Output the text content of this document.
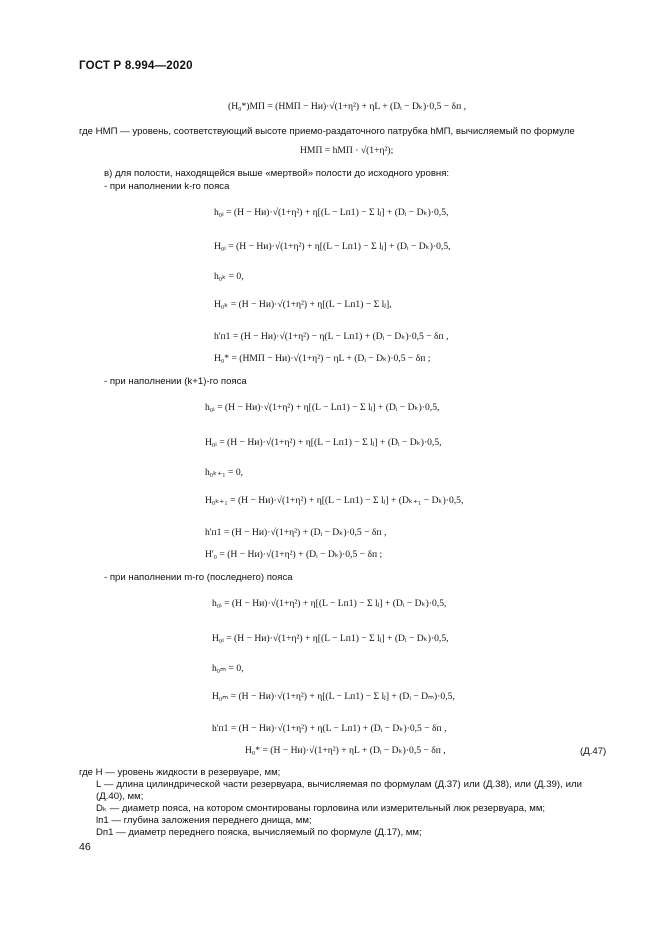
ГОСТ Р 8.994—2020
(H₀*)МП = (HМП − Hи)·√(1+η²) + ηL + (Dᵢ − Dₖ)·0,5 − δп ,
где HМП — уровень, соответствующий высоте приемо-раздаточного патрубка hМП, вычисляемый по формуле
HМП = hМП · √(1+η²);
в) для полости, находящейся выше «мертвой» полости до исходного уровня:
- при наполнении k-го пояса
h₀ᵢ = (H − Hи)·√(1+η²) + η[(L − Lп1) − Σ lⱼ] + (Dᵢ − Dₖ)·0,5,
H₀ᵢ = (H − Hи)·√(1+η²) + η[(L − Lп1) − Σ lⱼ] + (Dᵢ − Dₖ)·0,5,
h₀ₖ = 0,
H₀ₖ = (H − Hи)·√(1+η²) + η[(L − Lп1) − Σ lⱼ],
h'п1 = (H − Hи)·√(1+η²) − η(L − Lп1) + (Dᵢ − Dₖ)·0,5 − δп ,
H₀* = (HМП − Hи)·√(1+η²) − ηL + (Dᵢ − Dₖ)·0,5 − δп ;
- при наполнении (k+1)-го пояса
h₀ᵢ = (H − Hи)·√(1+η²) + η[(L − Lп1) − Σ lⱼ] + (Dᵢ − Dₖ)·0,5,
H₀ᵢ = (H − Hи)·√(1+η²) + η[(L − Lп1) − Σ lⱼ] + (Dᵢ − Dₖ)·0,5,
h₀ₖ₊₁ = 0,
H₀ₖ₊₁ = (H − Hи)·√(1+η²) + η[(L − Lп1) − Σ lⱼ] + (Dₖ₊₁ − Dₖ)·0,5,
h'п1 = (H − Hи)·√(1+η²) + (Dᵢ − Dₖ)·0,5 − δп ,
H'₀ = (H − Hи)·√(1+η²) + (Dᵢ − Dₖ)·0,5 − δп ;
- при наполнении m-го (последнего) пояса
h₀ᵢ = (H − Hи)·√(1+η²) + η[(L − Lп1) − Σ lⱼ] + (Dᵢ − Dₖ)·0,5,
H₀ᵢ = (H − Hи)·√(1+η²) + η[(L − Lп1) − Σ lⱼ] + (Dᵢ − Dₖ)·0,5,
h₀ₘ = 0,
H₀ₘ = (H − Hи)·√(1+η²) + η[(L − Lп1) − Σ lⱼ] + (Dᵢ − Dₘ)·0,5,
h'п1 = (H − Hи)·√(1+η²) + η(L − Lп1) + (Dᵢ − Dₖ)·0,5 − δп ,
H₀* = (H − Hи)·√(1+η²) + ηL + (Dᵢ − Dₖ)·0,5 − δп ,	(Д.47)
где H — уровень жидкости в резервуаре, мм;
L — длина цилиндрической части резервуара, вычисляемая по формулам (Д.37) или (Д.38), или (Д.39), или (Д.40), мм;
Dₖ — диаметр пояса, на котором смонтированы горловина или измерительный люк резервуара, мм;
lп1 — глубина заложения переднего днища, мм;
Dп1 — диаметр переднего пояска, вычисляемый по формуле (Д.17), мм;
46
